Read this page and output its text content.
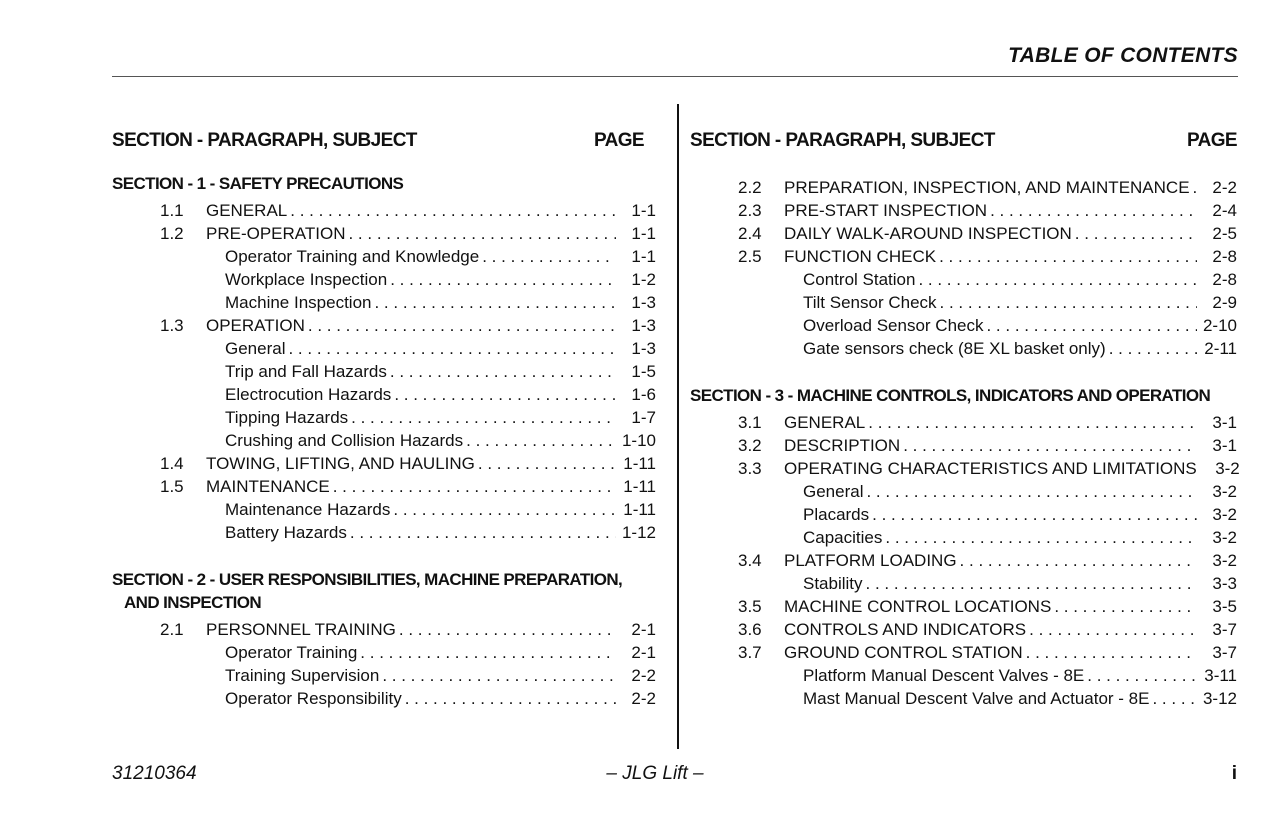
TABLE OF CONTENTS
SECTION - PARAGRAPH, SUBJECT	PAGE
SECTION - 1 - SAFETY PRECAUTIONS
1.1	GENERAL . . .	1-1
1.2	PRE-OPERATION . . .	1-1
Operator Training and Knowledge . . .	1-1
Workplace Inspection . . .	1-2
Machine Inspection . . .	1-3
1.3	OPERATION . . .	1-3
General . . .	1-3
Trip and Fall Hazards . . .	1-5
Electrocution Hazards . . .	1-6
Tipping Hazards . . .	1-7
Crushing and Collision Hazards . . .	1-10
1.4	TOWING, LIFTING, AND HAULING . . .	1-11
1.5	MAINTENANCE . . .	1-11
Maintenance Hazards . . .	1-11
Battery Hazards . . .	1-12
SECTION - 2 - USER RESPONSIBILITIES, MACHINE PREPARATION, AND INSPECTION
2.1	PERSONNEL TRAINING . . .	2-1
Operator Training . . .	2-1
Training Supervision . . .	2-2
Operator Responsibility . . .	2-2
SECTION - PARAGRAPH, SUBJECT	PAGE
2.2	PREPARATION, INSPECTION, AND MAINTENANCE . . .	2-2
2.3	PRE-START INSPECTION . . .	2-4
2.4	DAILY WALK-AROUND INSPECTION . . .	2-5
2.5	FUNCTION CHECK . . .	2-8
Control Station . . .	2-8
Tilt Sensor Check . . .	2-9
Overload Sensor Check . . .	2-10
Gate sensors check (8E XL basket only) . . .	2-11
SECTION - 3 - MACHINE CONTROLS, INDICATORS AND OPERATION
3.1	GENERAL . . .	3-1
3.2	DESCRIPTION . . .	3-1
3.3	OPERATING CHARACTERISTICS AND LIMITATIONS	3-2
General . . .	3-2
Placards . . .	3-2
Capacities . . .	3-2
3.4	PLATFORM LOADING . . .	3-2
Stability . . .	3-3
3.5	MACHINE CONTROL LOCATIONS . . .	3-5
3.6	CONTROLS AND INDICATORS . . .	3-7
3.7	GROUND CONTROL STATION . . .	3-7
Platform Manual Descent Valves - 8E . . .	3-11
Mast Manual Descent Valve and Actuator - 8E . . .	3-12
31210364	– JLG Lift –	i
